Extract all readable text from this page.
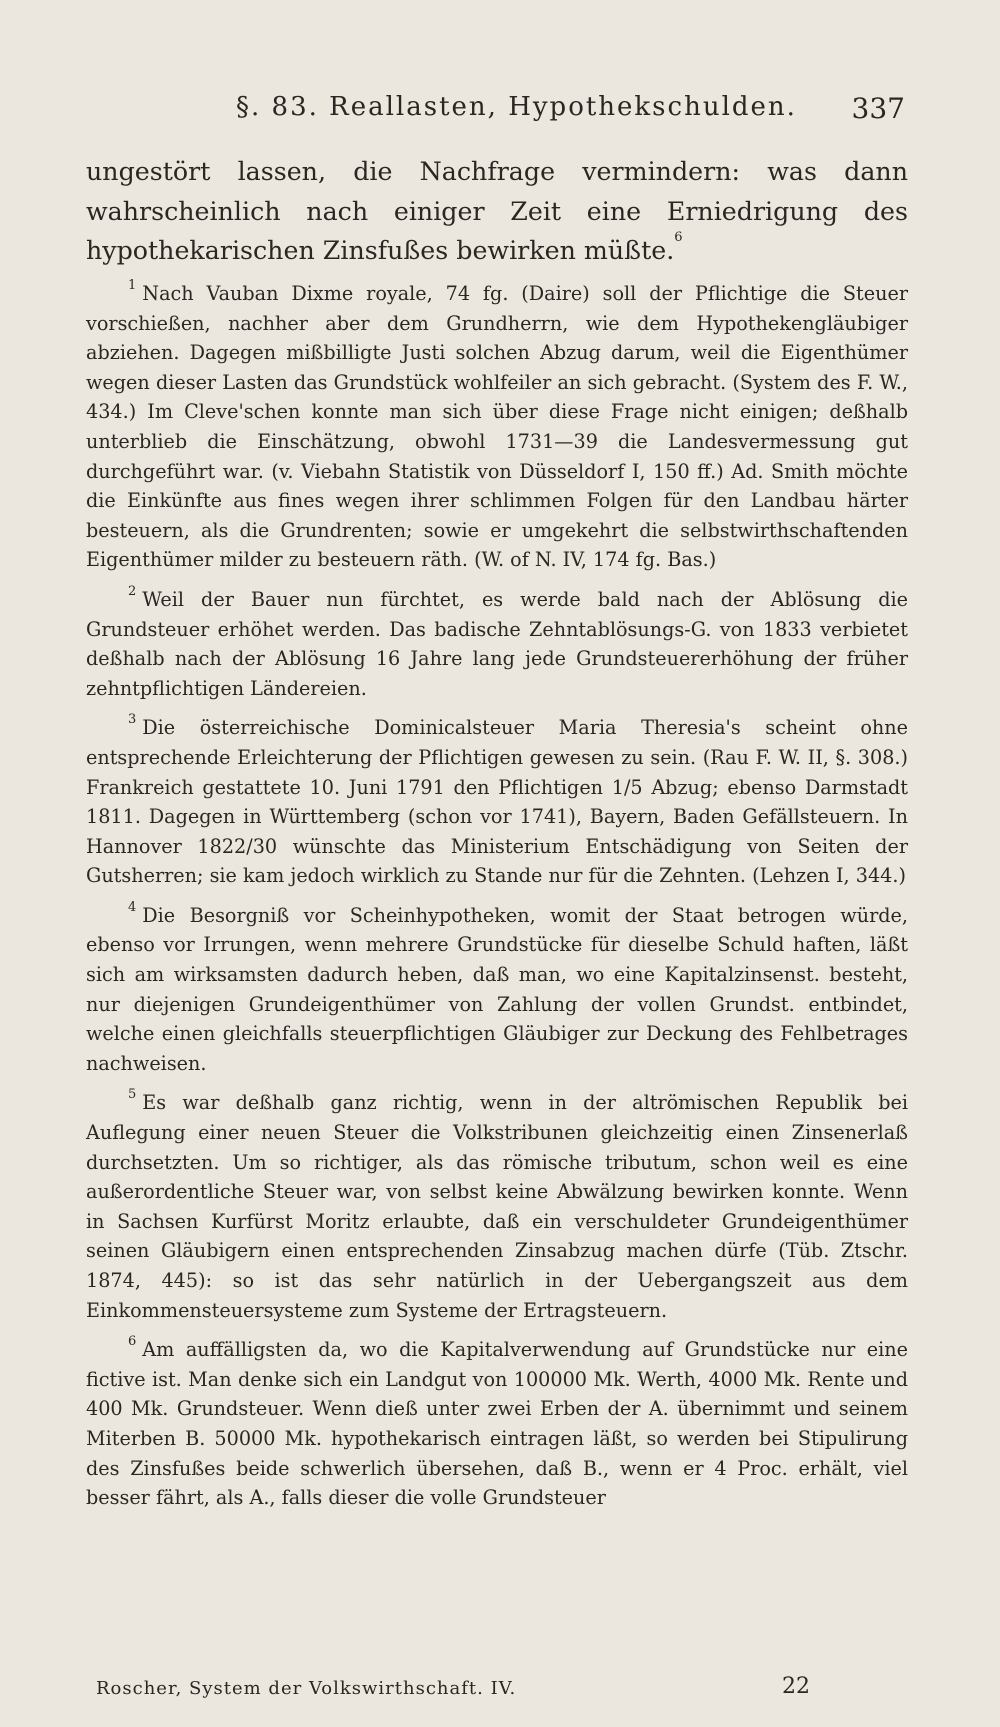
§. 83. Reallasten, Hypothekschulden. 337

ungestört lassen, die Nachfrage vermindern: was dann wahrscheinlich nach einiger Zeit eine Erniedrigung des hypothekarischen Zinsfußes bewirken müßte.$^6$

$^1$ Nach Vauban Dixme royale, 74 fg. (Daire) soll der Pflichtige die Steuer vorschießen, nachher aber dem Grundherrn, wie dem Hypothekengläubiger abziehen. Dagegen mißbilligte Justi solchen Abzug darum, weil die Eigenthümer wegen dieser Lasten das Grundstück wohlfeiler an sich gebracht. (System des F. W., 434.) Im Cleve'schen konnte man sich über diese Frage nicht einigen; deßhalb unterblieb die Einschätzung, obwohl 1731—39 die Landesvermessung gut durchgeführt war. (v. Viebahn Statistik von Düsseldorf I, 150 ff.) Ad. Smith möchte die Einkünfte aus fines wegen ihrer schlimmen Folgen für den Landbau härter besteuern, als die Grundrenten; sowie er umgekehrt die selbstwirthschaftenden Eigenthümer milder zu besteuern räth. (W. of N. IV, 174 fg. Bas.)

$^2$ Weil der Bauer nun fürchtet, es werde bald nach der Ablösung die Grundsteuer erhöhet werden. Das badische Zehntablösungs-G. von 1833 verbietet deßhalb nach der Ablösung 16 Jahre lang jede Grundsteuererhöhung der früher zehntpflichtigen Ländereien.

$^3$ Die österreichische Dominicalsteuer Maria Theresia's scheint ohne entsprechende Erleichterung der Pflichtigen gewesen zu sein. (Rau F. W. II, §. 308.) Frankreich gestattete 10. Juni 1791 den Pflichtigen 1/5 Abzug; ebenso Darmstadt 1811. Dagegen in Württemberg (schon vor 1741), Bayern, Baden Gefällsteuern. In Hannover 1822/30 wünschte das Ministerium Entschädigung von Seiten der Gutsherren; sie kam jedoch wirklich zu Stande nur für die Zehnten. (Lehzen I, 344.)

$^4$ Die Besorgniß vor Scheinhypotheken, womit der Staat betrogen würde, ebenso vor Irrungen, wenn mehrere Grundstücke für dieselbe Schuld haften, läßt sich am wirksamsten dadurch heben, daß man, wo eine Kapitalzinsenst. besteht, nur diejenigen Grundeigenthümer von Zahlung der vollen Grundst. entbindet, welche einen gleichfalls steuerpflichtigen Gläubiger zur Deckung des Fehlbetrages nachweisen.

$^5$ Es war deßhalb ganz richtig, wenn in der altrömischen Republik bei Auflegung einer neuen Steuer die Volkstribunen gleichzeitig einen Zinsenerlaß durchsetzten. Um so richtiger, als das römische tributum, schon weil es eine außerordentliche Steuer war, von selbst keine Abwälzung bewirken konnte. Wenn in Sachsen Kurfürst Moritz erlaubte, daß ein verschuldeter Grundeigenthümer seinen Gläubigern einen entsprechenden Zinsabzug machen dürfe (Tüb. Ztschr. 1874, 445): so ist das sehr natürlich in der Uebergangszeit aus dem Einkommensteuersysteme zum Systeme der Ertragsteuern.

$^6$ Am auffälligsten da, wo die Kapitalverwendung auf Grundstücke nur eine fictive ist. Man denke sich ein Landgut von 100000 Mk. Werth, 4000 Mk. Rente und 400 Mk. Grundsteuer. Wenn dieß unter zwei Erben der A. übernimmt und seinem Miterben B. 50000 Mk. hypothekarisch eintragen läßt, so werden bei Stipulirung des Zinsfußes beide schwerlich übersehen, daß B., wenn er 4 Proc. erhält, viel besser fährt, als A., falls dieser die volle Grundsteuer

Roscher, System der Volkswirthschaft. IV.	22
